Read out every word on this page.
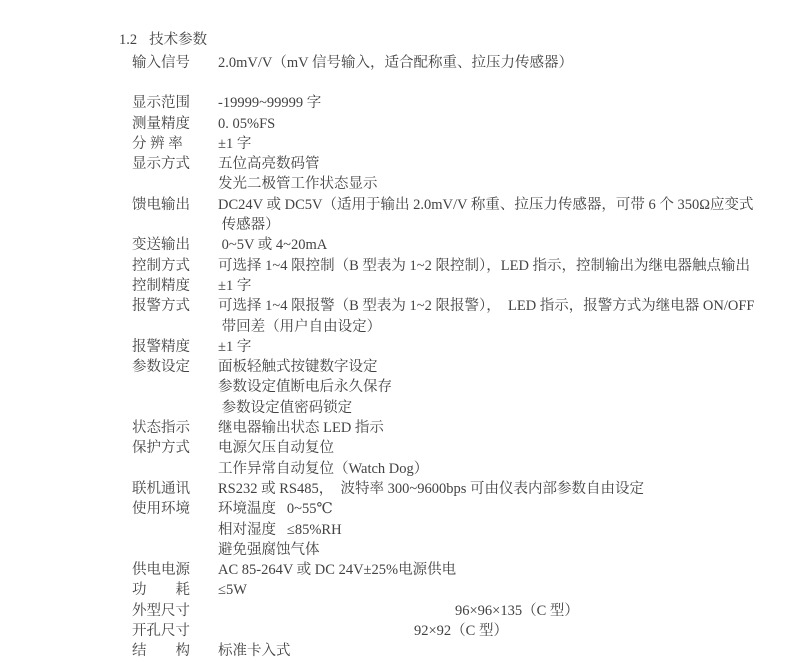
1.2 技术参数
输入信号	2.0mV/V（mV 信号输入，适合配称重、拉压力传感器）
显示范围	-19999~99999 字
测量精度	0. 05%FS
分 辨 率	±1 字
显示方式	五位高亮数码管
发光二极管工作状态显示
馈电输出	DC24V 或 DC5V（适用于输出 2.0mV/V 称重、拉压力传感器，可带 6 个 350Ω应变式
传感器）
变送输出	0~5V 或 4~20mA
控制方式	可选择 1~4 限控制（B 型表为 1~2 限控制），LED 指示，控制输出为继电器触点输出
控制精度	±1 字
报警方式	可选择 1~4 限报警（B 型表为 1~2 限报警），  LED 指示，报警方式为继电器 ON/OFF
带回差（用户自由设定）
报警精度	±1 字
参数设定	面板轻触式按键数字设定
参数设定值断电后永久保存
参数设定值密码锁定
状态指示	继电器输出状态 LED 指示
保护方式	电源欠压自动复位
工作异常自动复位（Watch Dog）
联机通讯	RS232 或 RS485，  波特率 300~9600bps 可由仪表内部参数自由设定
使用环境	环境温度   0~55℃
相对湿度   ≤85%RH
避免强腐蚀气体
供电电源	AC 85-264V 或 DC 24V±25%电源供电
功　　耗	≤5W
外型尺寸	96×96×135（C 型）
开孔尺寸	92×92（C 型）
结　　构	标准卡入式
